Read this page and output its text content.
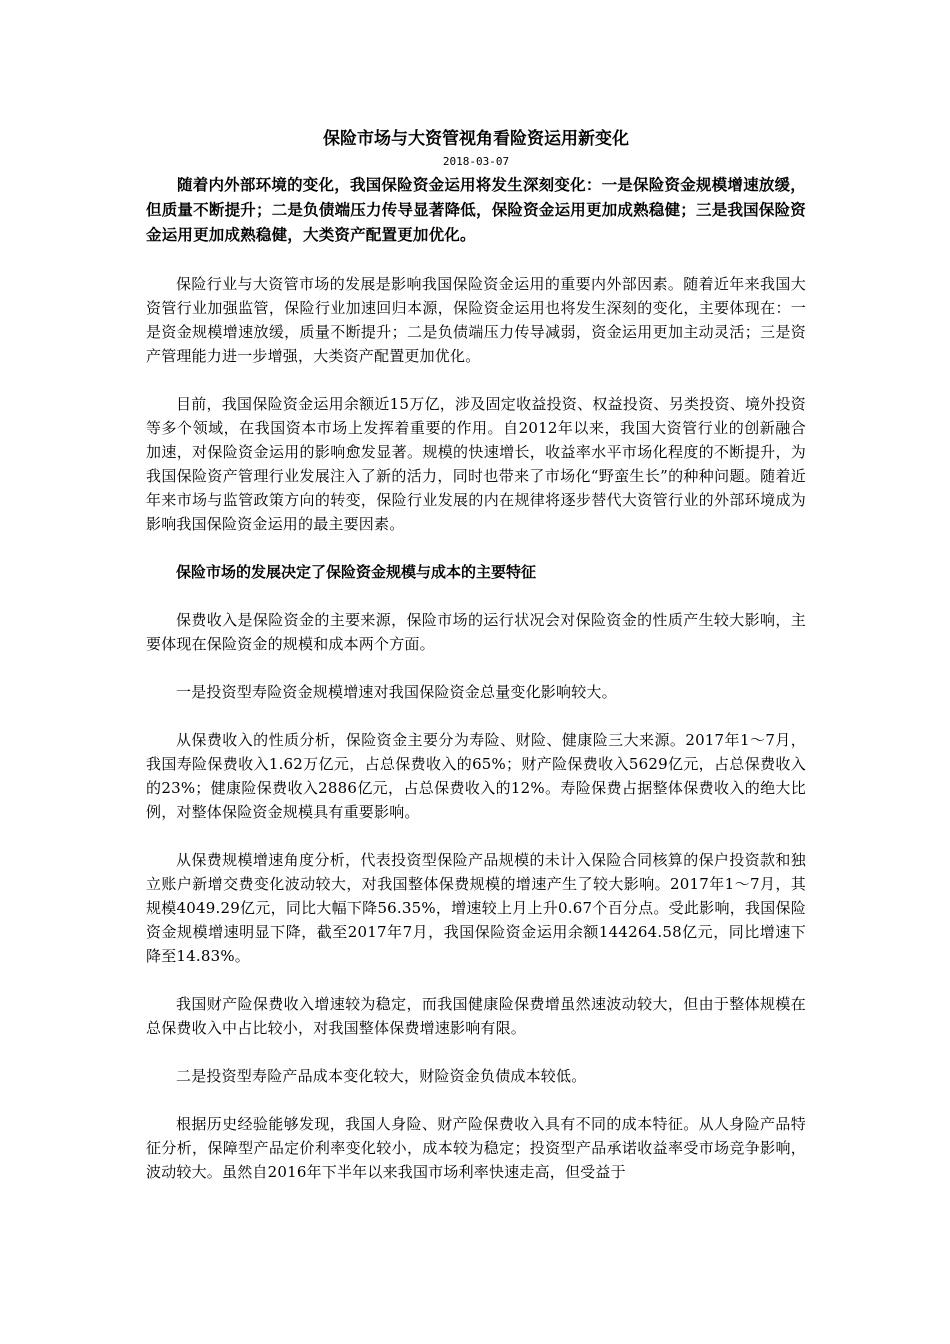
保险市场与大资管视角看险资运用新变化
2018-03-07

随着内外部环境的变化，我国保险资金运用将发生深刻变化：一是保险资金规模增速放缓，但质量不断提升；二是负债端压力传导显著降低，保险资金运用更加成熟稳健；三是我国保险资金运用更加成熟稳健，大类资产配置更加优化。

保险行业与大资管市场的发展是影响我国保险资金运用的重要内外部因素。随着近年来我国大资管行业加强监管，保险行业加速回归本源，保险资金运用也将发生深刻的变化，主要体现在：一是资金规模增速放缓，质量不断提升；二是负债端压力传导减弱，资金运用更加主动灵活；三是资产管理能力进一步增强，大类资产配置更加优化。

目前，我国保险资金运用余额近15万亿，涉及固定收益投资、权益投资、另类投资、境外投资等多个领域，在我国资本市场上发挥着重要的作用。自2012年以来，我国大资管行业的创新融合加速，对保险资金运用的影响愈发显著。规模的快速增长，收益率水平市场化程度的不断提升，为我国保险资产管理行业发展注入了新的活力，同时也带来了市场化“野蛮生长”的种种问题。随着近年来市场与监管政策方向的转变，保险行业发展的内在规律将逐步替代大资管行业的外部环境成为影响我国保险资金运用的最主要因素。

保险市场的发展决定了保险资金规模与成本的主要特征

保费收入是保险资金的主要来源，保险市场的运行状况会对保险资金的性质产生较大影响，主要体现在保险资金的规模和成本两个方面。

一是投资型寿险资金规模增速对我国保险资金总量变化影响较大。

从保费收入的性质分析，保险资金主要分为寿险、财险、健康险三大来源。2017年1～7月，我国寿险保费收入1.62万亿元，占总保费收入的65%；财产险保费收入5629亿元，占总保费收入的23%；健康险保费收入2886亿元，占总保费收入的12%。寿险保费占据整体保费收入的绝大比例，对整体保险资金规模具有重要影响。

从保费规模增速角度分析，代表投资型保险产品规模的未计入保险合同核算的保户投资款和独立账户新增交费变化波动较大，对我国整体保费规模的增速产生了较大影响。2017年1～7月，其规模4049.29亿元，同比大幅下降56.35%，增速较上月上升0.67个百分点。受此影响，我国保险资金规模增速明显下降，截至2017年7月，我国保险资金运用余额144264.58亿元，同比增速下降至14.83%。

我国财产险保费收入增速较为稳定，而我国健康险保费增虽然速波动较大，但由于整体规模在总保费收入中占比较小，对我国整体保费增速影响有限。

二是投资型寿险产品成本变化较大，财险资金负债成本较低。

根据历史经验能够发现，我国人身险、财产险保费收入具有不同的成本特征。从人身险产品特征分析，保障型产品定价利率变化较小，成本较为稳定；投资型产品承诺收益率受市场竞争影响，波动较大。虽然自2016年下半年以来我国市场利率快速走高，但受益于
